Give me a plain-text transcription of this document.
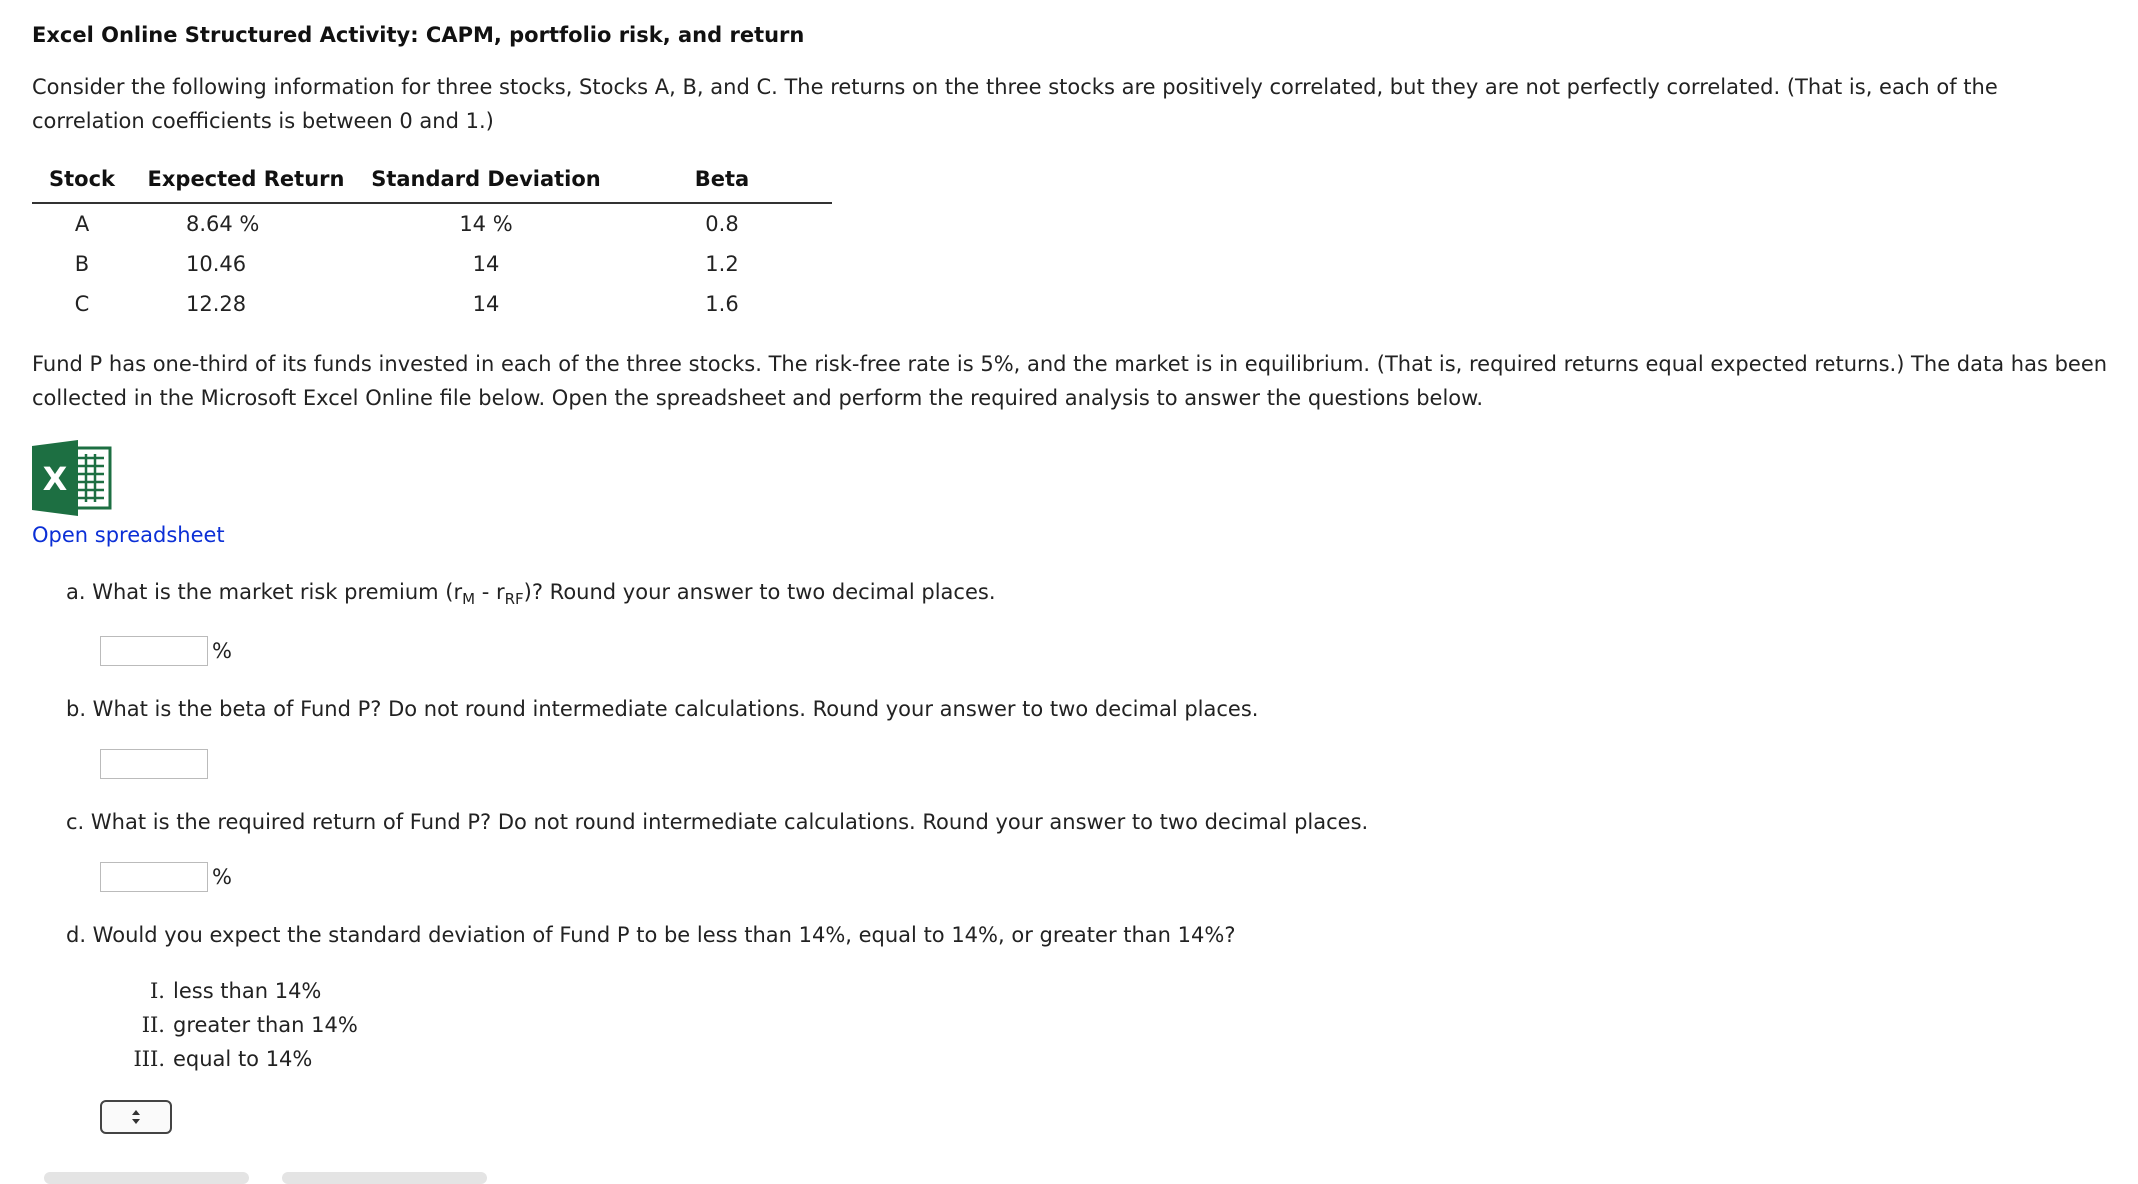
Excel Online Structured Activity: CAPM, portfolio risk, and return
Consider the following information for three stocks, Stocks A, B, and C. The returns on the three stocks are positively correlated, but they are not perfectly correlated. (That is, each of the correlation coefficients is between 0 and 1.)
Stock	Expected Return	Standard Deviation	Beta
A	8.64 %	14 %	0.8
B	10.46	14	1.2
C	12.28	14	1.6
Fund P has one-third of its funds invested in each of the three stocks. The risk-free rate is 5%, and the market is in equilibrium. (That is, required returns equal expected returns.) The data has been collected in the Microsoft Excel Online file below. Open the spreadsheet and perform the required analysis to answer the questions below.
X
Open spreadsheet
a. What is the market risk premium $(r_M - r_{RF})$? Round your answer to two decimal places.
%
b. What is the beta of Fund P? Do not round intermediate calculations. Round your answer to two decimal places.
c. What is the required return of Fund P? Do not round intermediate calculations. Round your answer to two decimal places.
%
d. Would you expect the standard deviation of Fund P to be less than 14%, equal to 14%, or greater than 14%?
I. less than 14%
II. greater than 14%
III. equal to 14%
